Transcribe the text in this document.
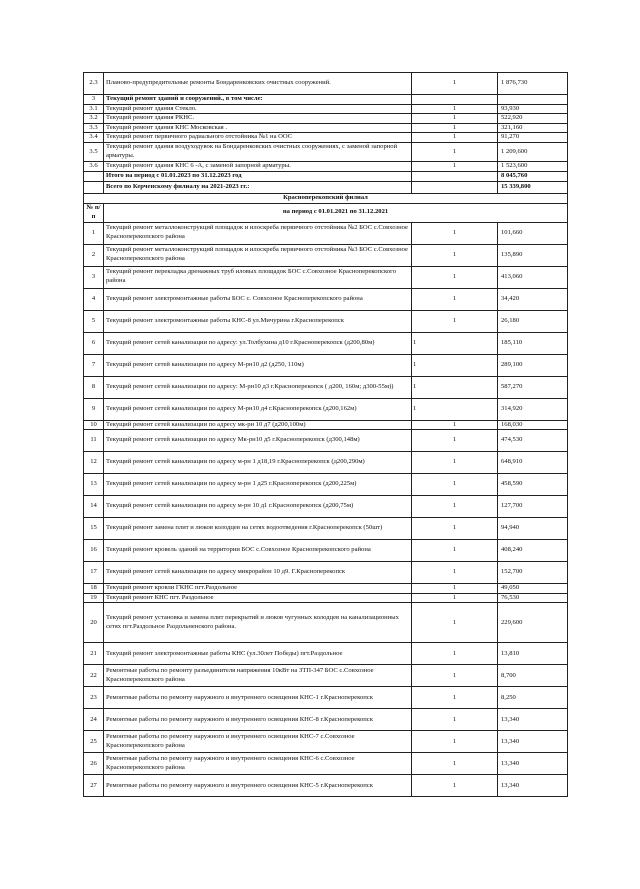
2.3	Планово-предупредительные ремонты Бондаренковских очистных сооружений.	1	1 876,730
3	Текущий ремонт зданий и сооружений., в том числе:		
3.1	Текущий ремонт здания Стекло.	1	93,930
3.2	Текущий ремонт здания РКНС.	1	522,920
3.3	Текущий ремонт здания КНС Московская .	1	321,160
3.4	Текущий ремонт первичного радиального отстойника №1 на ООС	1	91,270
3.5	Текущий ремонт здания воздуходувок на Бондаренковских очистных сооружениях, с заменой запорной арматуры.	1	1 209,600
3.6	Текущий ремонт здания КНС 6 -А, с заменой запорной арматуры.	1	1 523,600
	Итого на период с 01.01.2023 по 31.12.2023 год		8 045,760
	Всего по Керченскому филиалу на 2021-2023 гг.:		15 339,800
Красноперекопский филиал			
№ п/п	на период с 01.01.2021 по 31.12.2021		
1	Текущий ремонт металлоконструкций площадок и илоскреба первичного отстойника №2 БОС с.Совхозное Красноперекопского района	1	101,660
2	Текущий ремонт металлоконструкций площадок и илоскреба первичного отстойника №3 БОС с.Совхозное Красноперекопского района	1	135,890
3	Текущий ремонт перекладка дренажных труб иловых площадок БОС с.Совхозное Красноперекопского района	1	413,060
4	Текущий ремонт электромонтажные работы БОС с. Совхозное Красноперекопского района	1	34,420
5	Текущий ремонт электромонтажные работы КНС-8 ул.Мичурина г.Красноперекопск	1	26,180
6	Текущий ремонт сетей канализации по адресу: ул.Толбухина д10 г.Красноперекопск (д200,80м)	1	185,110
7	Текущий ремонт сетей канализации по адресу М-рн10 д2 (д250, 110м)	1	289,100
8	Текущий ремонт сетей канализации по адресу: М-рн10 д3 г.Красноперекопск ( д200, 160м; д300-55м))	1	587,270
9	Текущий ремонт сетей канализации по адресу М-рн10 д4 г.Красноперекопск (д200,162м)	1	314,920
10	Текущий ремонт сетей канализации по адресу мк-рн 10 д7 (д200,100м)	1	168,030
11	Текущий ремонт сетей канализации по адресу Мк-рн10 д5 г.Красноперекопск (д300,148м)	1	474,530
12	Текущий ремонт сетей канализации по адресу м-рн 1 д18,19 г.Красноперекопск (д200,290м)	1	648,910
13	Текущий ремонт сетей канализации по адресу м-рн 1 д25 г.Красноперекопск (д200,225м)	1	458,590
14	Текущий ремонт сетей канализации по адресу м-рн 10 д1 г.Красноперекопск (д200,75м)	1	127,700
15	Текущий ремонт замена плит и люков колодцев на сетях водоотведения г.Красноперекопск (50шт)	1	94,940
16	Текущий ремонт кровель зданий на территории БОС с.Совхозное Красноперекопского района	1	408,240
17	Текущий ремонт сетей канализации по адресу микрорайон 10 д9. Г.Красноперекопск	1	152,700
18	Текущий ремонт кровли ГКНС пгт.Раздольное	1	49,050
19	Текущий ремонт КНС пгт. Раздольное	1	76,530
20	Текущий ремонт установка и замена плит перекрытий и люков чугунных колодцев на канализационных сетях пгт.Раздольное Раздольненского района.	1	229,600
21	Текущий ремонт электромонтажные работы КНС (ул.30лет Победы) пгт.Раздольное	1	13,810
22	Ремонтные работы по ремонту разъединителя напряжения 10кВт на ЗТП-347 БОС с.Совхозное Красноперекопского района	1	8,700
23	Ремонтные работы по ремонту наружного и внутреннего освещения КНС-1 г.Красноперекопск	1	8,250
24	Ремонтные работы по ремонту наружного и внутреннего освещения КНС-8 г.Красноперекопск	1	13,340
25	Ремонтные работы по ремонту наружного и внутреннего освещения КНС-7 с.Совхозное Красноперекопского района	1	13,340
26	Ремонтные работы по ремонту наружного и внутреннего освещения КНС-6 с.Совхозное Красноперекопского района	1	13,340
27	Ремонтные работы по ремонту наружного и внутреннего освещения КНС-5 г.Красноперекопск	1	13,340
